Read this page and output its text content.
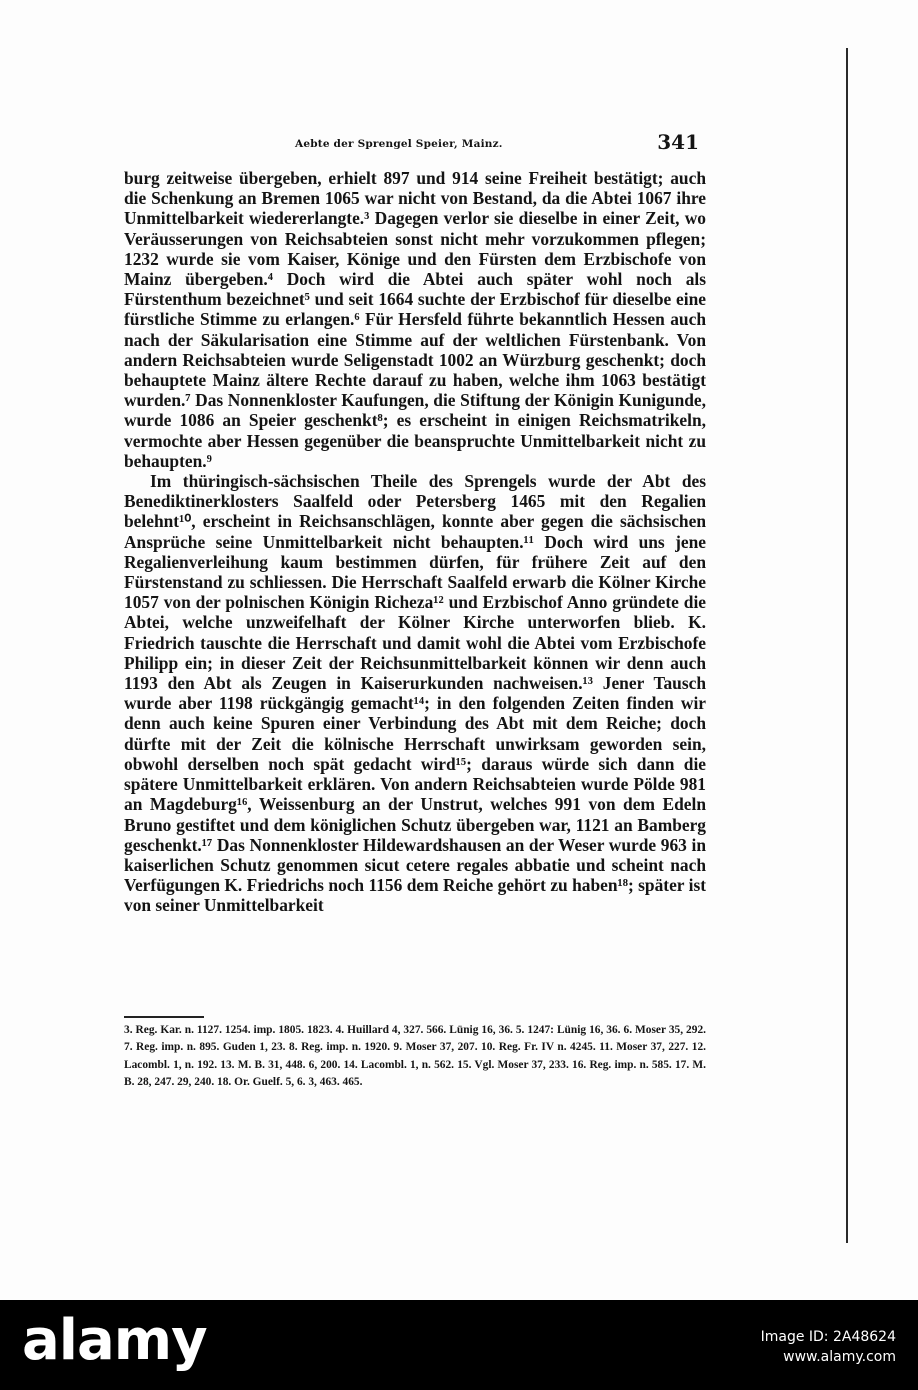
Aebte der Sprengel Speier, Mainz.	341

burg zeitweise übergeben, erhielt 897 und 914 seine Freiheit bestätigt; auch die Schenkung an Bremen 1065 war nicht von Bestand, da die Abtei 1067 ihre Unmittelbarkeit wiedererlangte.³ Dagegen verlor sie dieselbe in einer Zeit, wo Veräusserungen von Reichsabteien sonst nicht mehr vorzukommen pflegen; 1232 wurde sie vom Kaiser, Könige und den Fürsten dem Erzbischofe von Mainz übergeben.⁴ Doch wird die Abtei auch später wohl noch als Fürstenthum bezeichnet⁵ und seit 1664 suchte der Erzbischof für dieselbe eine fürstliche Stimme zu erlangen.⁶ Für Hersfeld führte bekanntlich Hessen auch nach der Säkularisation eine Stimme auf der weltlichen Fürstenbank. Von andern Reichsabteien wurde Seligenstadt 1002 an Würzburg geschenkt; doch behauptete Mainz ältere Rechte darauf zu haben, welche ihm 1063 bestätigt wurden.⁷ Das Nonnenkloster Kaufungen, die Stiftung der Königin Kunigunde, wurde 1086 an Speier geschenkt⁸; es erscheint in einigen Reichsmatrikeln, vermochte aber Hessen gegenüber die beanspruchte Unmittelbarkeit nicht zu behaupten.⁹

Im thüringisch-sächsischen Theile des Sprengels wurde der Abt des Benediktinerklosters Saalfeld oder Petersberg 1465 mit den Regalien belehnt¹⁰, erscheint in Reichsanschlägen, konnte aber gegen die sächsischen Ansprüche seine Unmittelbarkeit nicht behaupten.¹¹ Doch wird uns jene Regalienverleihung kaum bestimmen dürfen, für frühere Zeit auf den Fürstenstand zu schliessen. Die Herrschaft Saalfeld erwarb die Kölner Kirche 1057 von der polnischen Königin Richeza¹² und Erzbischof Anno gründete die Abtei, welche unzweifelhaft der Kölner Kirche unterworfen blieb. K. Friedrich tauschte die Herrschaft und damit wohl die Abtei vom Erzbischofe Philipp ein; in dieser Zeit der Reichsunmittelbarkeit können wir denn auch 1193 den Abt als Zeugen in Kaiserurkunden nachweisen.¹³ Jener Tausch wurde aber 1198 rückgängig gemacht¹⁴; in den folgenden Zeiten finden wir denn auch keine Spuren einer Verbindung des Abt mit dem Reiche; doch dürfte mit der Zeit die kölnische Herrschaft unwirksam geworden sein, obwohl derselben noch spät gedacht wird¹⁵; daraus würde sich dann die spätere Unmittelbarkeit erklären. Von andern Reichsabteien wurde Pölde 981 an Magdeburg¹⁶, Weissenburg an der Unstrut, welches 991 von dem Edeln Bruno gestiftet und dem königlichen Schutz übergeben war, 1121 an Bamberg geschenkt.¹⁷ Das Nonnenkloster Hildewardshausen an der Weser wurde 963 in kaiserlichen Schutz genommen sicut cetere regales abbatie und scheint nach Verfügungen K. Friedrichs noch 1156 dem Reiche gehört zu haben¹⁸; später ist von seiner Unmittelbarkeit

3. Reg. Kar. n. 1127. 1254. imp. 1805. 1823. 4. Huillard 4, 327. 566. Lünig 16, 36. 5. 1247: Lünig 16, 36. 6. Moser 35, 292. 7. Reg. imp. n. 895. Guden 1, 23. 8. Reg. imp. n. 1920. 9. Moser 37, 207. 10. Reg. Fr. IV n. 4245. 11. Moser 37, 227. 12. Lacombl. 1, n. 192. 13. M. B. 31, 448. 6, 200. 14. Lacombl. 1, n. 562. 15. Vgl. Moser 37, 233. 16. Reg. imp. n. 585. 17. M. B. 28, 247. 29, 240. 18. Or. Guelf. 5, 6. 3, 463. 465.

alamy	Image ID: 2A48624
www.alamy.com
